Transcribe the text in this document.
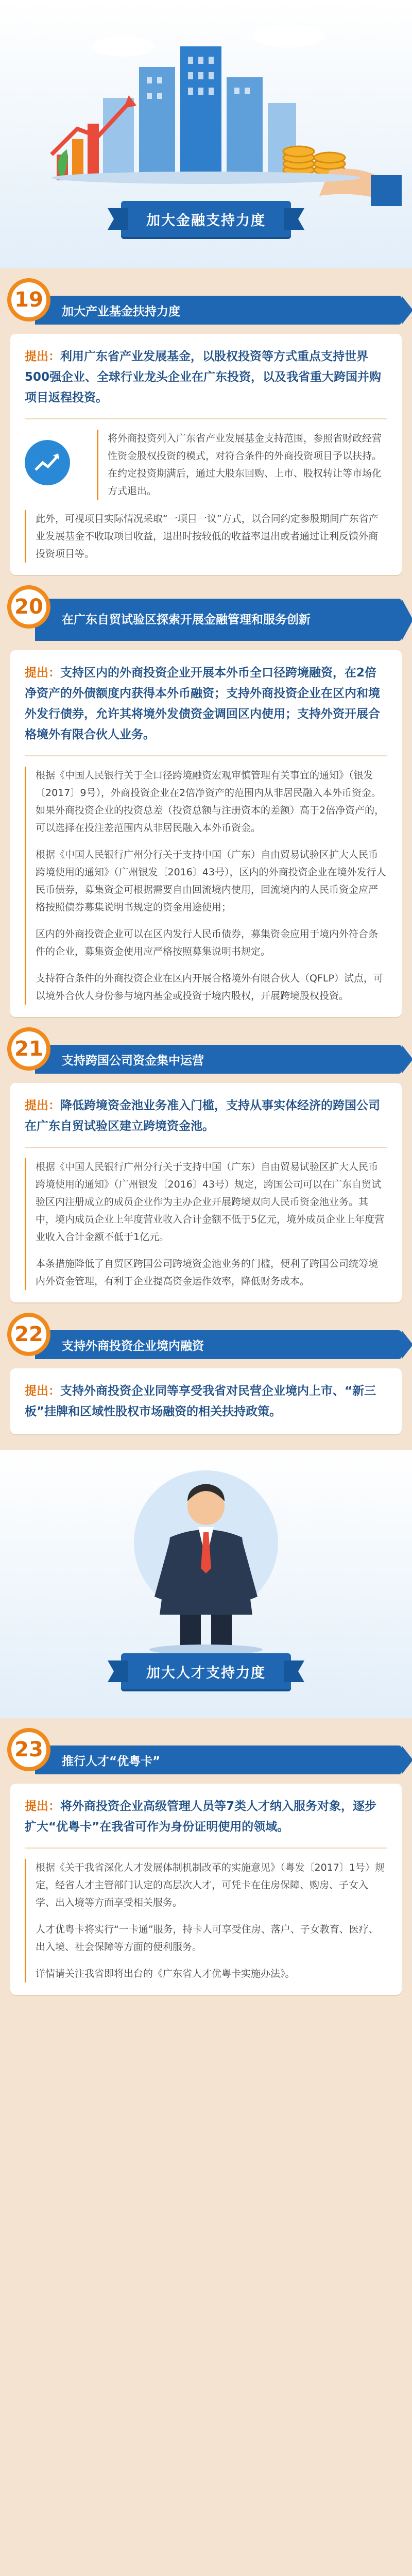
加大金融支持力度
19	加大产业基金扶持力度
提出：利用广东省产业发展基金，以股权投资等方式重点支持世界500强企业、全球行业龙头企业在广东投资，以及我省重大跨国并购项目返程投资。

将外商投资列入广东省产业发展基金支持范围，参照省财政经营性资金股权投资的模式，对符合条件的外商投资项目予以扶持。在约定投资期满后，通过大股东回购、上市、股权转让等市场化方式退出。

此外，可视项目实际情况采取“一项目一议”方式，以合同约定参股期间广东省产业发展基金不收取项目收益，退出时按较低的收益率退出或者通过让利反馈外商投资项目等。

20
在广东自贸试验区探索开展金融管理和服务创新
提出：支持区内的外商投资企业开展本外币全口径跨境融资，在2倍净资产的外债额度内获得本外币融资；支持外商投资企业在区内和境外发行债券，允许其将境外发债资金调回区内使用；支持外资开展合格境外有限合伙人业务。

根据《中国人民银行关于全口径跨境融资宏观审慎管理有关事宜的通知》（银发〔2017〕9号），外商投资企业在2倍净资产的范围内从非居民融入本外币资金。如果外商投资企业的投资总差（投资总额与注册资本的差额）高于2倍净资产的，可以选择在投注差范围内从非居民融入本外币资金。

根据《中国人民银行广州分行关于支持中国（广东）自由贸易试验区扩大人民币跨境使用的通知》（广州银发〔2016〕43号），区内的外商投资企业在境外发行人民币债券，募集资金可根据需要自由回流境内使用，回流境内的人民币资金应严格按照债券募集说明书规定的资金用途使用；

区内的外商投资企业可以在区内发行人民币债券，募集资金应用于境内外符合条件的企业，募集资金使用应严格按照募集说明书规定。

支持符合条件的外商投资企业在区内开展合格境外有限合伙人（QFLP）试点，可以境外合伙人身份参与境内基金或投资于境内股权，开展跨境股权投资。

21	支持跨国公司资金集中运营
提出：降低跨境资金池业务准入门槛，支持从事实体经济的跨国公司在广东自贸试验区建立跨境资金池。

根据《中国人民银行广州分行关于支持中国（广东）自由贸易试验区扩大人民币跨境使用的通知》（广州银发〔2016〕43号）规定，跨国公司可以在广东自贸试验区内注册成立的成员企业作为主办企业开展跨境双向人民币资金池业务。其中，境内成员企业上年度营业收入合计金额不低于5亿元，境外成员企业上年度营业收入合计金额不低于1亿元。

本条措施降低了自贸区跨国公司跨境资金池业务的门槛，便利了跨国公司统筹境内外资金管理，有利于企业提高资金运作效率，降低财务成本。

22	支持外商投资企业境内融资
提出：支持外商投资企业同等享受我省对民营企业境内上市、“新三板”挂牌和区域性股权市场融资的相关扶持政策。
加大人才支持力度
23	推行人才“优粤卡”
提出：将外商投资企业高级管理人员等7类人才纳入服务对象，逐步扩大“优粤卡”在我省可作为身份证明使用的领域。

根据《关于我省深化人才发展体制机制改革的实施意见》（粤发〔2017〕1号）规定，经省人才主管部门认定的高层次人才，可凭卡在住房保障、购房、子女入学、出入境等方面享受相关服务。

人才优粤卡将实行“一卡通”服务，持卡人可享受住房、落户、子女教育、医疗、出入境、社会保障等方面的便利服务。

详情请关注我省即将出台的《广东省人才优粤卡实施办法》。
